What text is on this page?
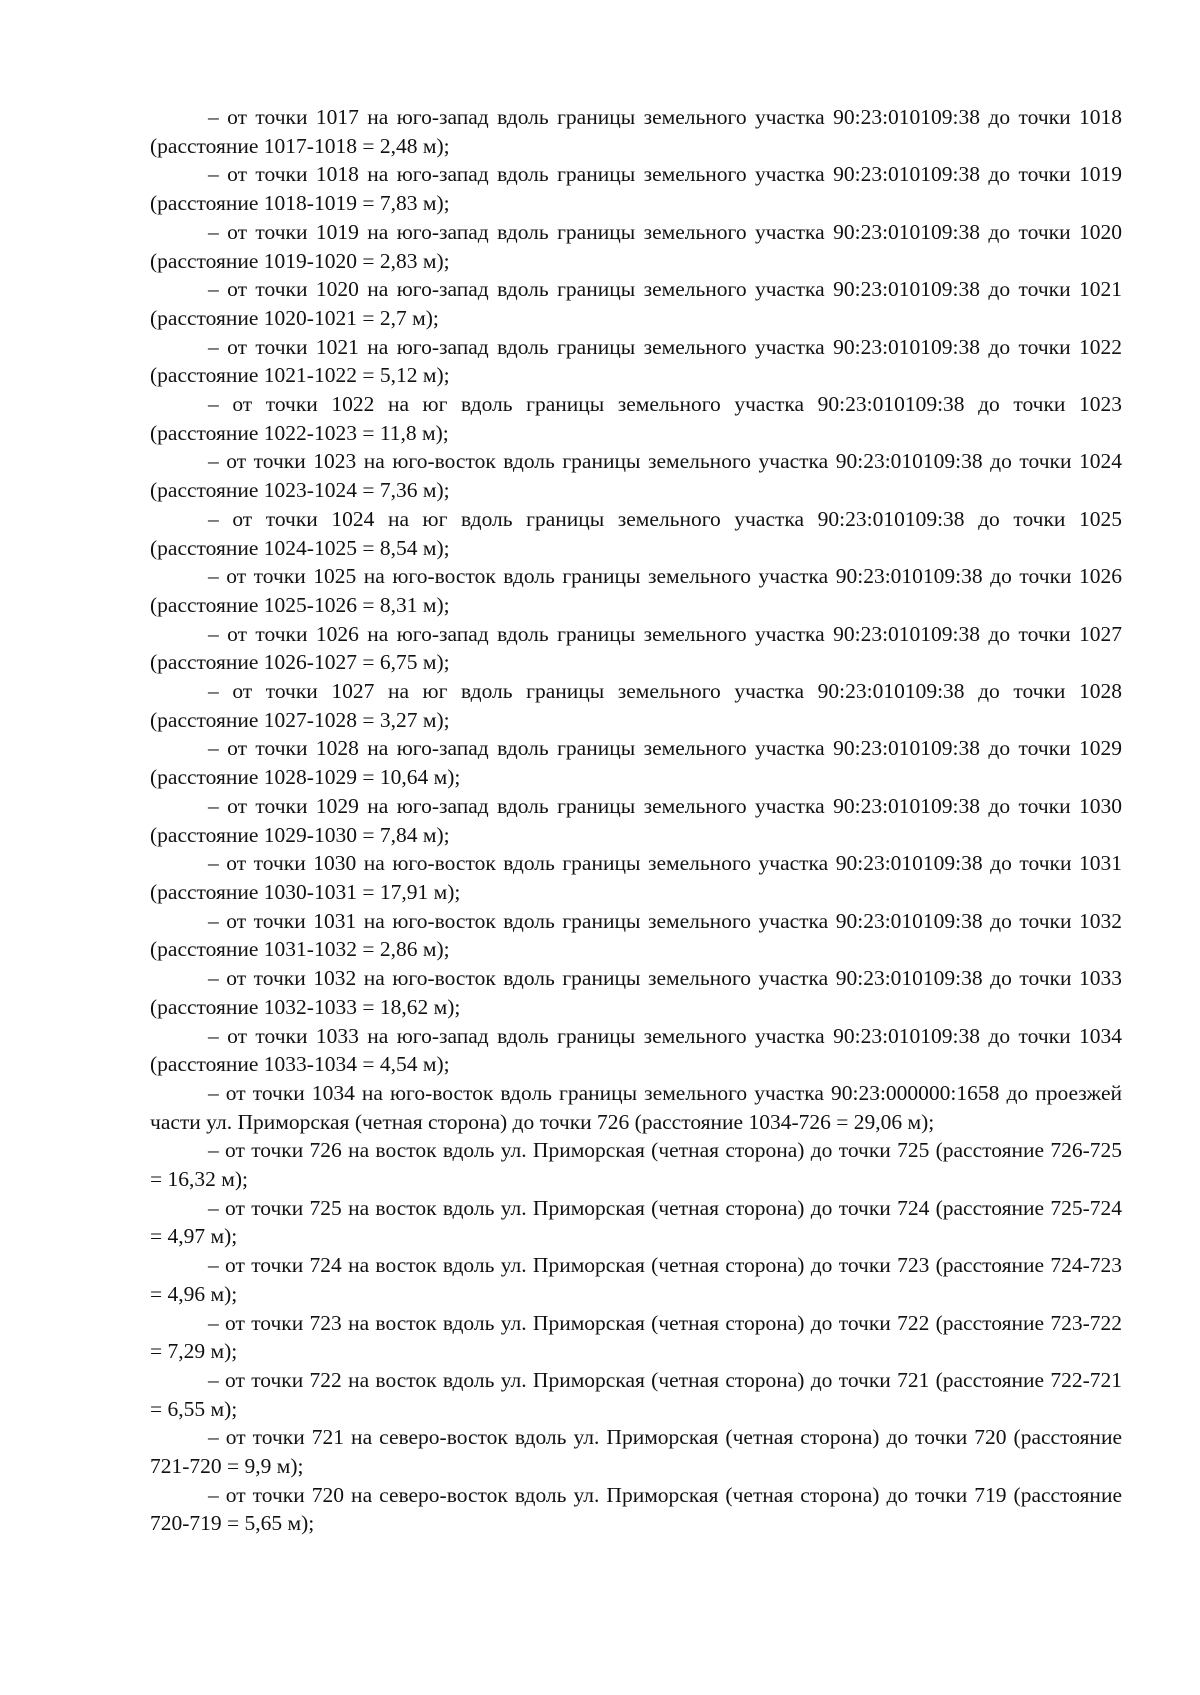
– от точки 1017 на юго-запад вдоль границы земельного участка 90:23:010109:38 до точки 1018 (расстояние 1017-1018 = 2,48 м);

– от точки 1018 на юго-запад вдоль границы земельного участка 90:23:010109:38 до точки 1019 (расстояние 1018-1019 = 7,83 м);

– от точки 1019 на юго-запад вдоль границы земельного участка 90:23:010109:38 до точки 1020 (расстояние 1019-1020 = 2,83 м);

– от точки 1020 на юго-запад вдоль границы земельного участка 90:23:010109:38 до точки 1021 (расстояние 1020-1021 = 2,7 м);

– от точки 1021 на юго-запад вдоль границы земельного участка 90:23:010109:38 до точки 1022 (расстояние 1021-1022 = 5,12 м);

– от точки 1022 на юг вдоль границы земельного участка 90:23:010109:38 до точки 1023 (расстояние 1022-1023 = 11,8 м);

– от точки 1023 на юго-восток вдоль границы земельного участка 90:23:010109:38 до точки 1024 (расстояние 1023-1024 = 7,36 м);

– от точки 1024 на юг вдоль границы земельного участка 90:23:010109:38 до точки 1025 (расстояние 1024-1025 = 8,54 м);

– от точки 1025 на юго-восток вдоль границы земельного участка 90:23:010109:38 до точки 1026 (расстояние 1025-1026 = 8,31 м);

– от точки 1026 на юго-запад вдоль границы земельного участка 90:23:010109:38 до точки 1027 (расстояние 1026-1027 = 6,75 м);

– от точки 1027 на юг вдоль границы земельного участка 90:23:010109:38 до точки 1028 (расстояние 1027-1028 = 3,27 м);

– от точки 1028 на юго-запад вдоль границы земельного участка 90:23:010109:38 до точки 1029 (расстояние 1028-1029 = 10,64 м);

– от точки 1029 на юго-запад вдоль границы земельного участка 90:23:010109:38 до точки 1030 (расстояние 1029-1030 = 7,84 м);

– от точки 1030 на юго-восток вдоль границы земельного участка 90:23:010109:38 до точки 1031 (расстояние 1030-1031 = 17,91 м);

– от точки 1031 на юго-восток вдоль границы земельного участка 90:23:010109:38 до точки 1032 (расстояние 1031-1032 = 2,86 м);

– от точки 1032 на юго-восток вдоль границы земельного участка 90:23:010109:38 до точки 1033 (расстояние 1032-1033 = 18,62 м);

– от точки 1033 на юго-запад вдоль границы земельного участка 90:23:010109:38 до точки 1034 (расстояние 1033-1034 = 4,54 м);

– от точки 1034 на юго-восток вдоль границы земельного участка 90:23:000000:1658 до проезжей части ул. Приморская (четная сторона) до точки 726 (расстояние 1034-726 = 29,06 м);

– от точки 726 на восток вдоль ул. Приморская (четная сторона) до точки 725 (расстояние 726-725 = 16,32 м);

– от точки 725 на восток вдоль ул. Приморская (четная сторона) до точки 724 (расстояние 725-724 = 4,97 м);

– от точки 724 на восток вдоль ул. Приморская (четная сторона) до точки 723 (расстояние 724-723 = 4,96 м);

– от точки 723 на восток вдоль ул. Приморская (четная сторона) до точки 722 (расстояние 723-722 = 7,29 м);

– от точки 722 на восток вдоль ул. Приморская (четная сторона) до точки 721 (расстояние 722-721 = 6,55 м);

– от точки 721 на северо-восток вдоль ул. Приморская (четная сторона) до точки 720 (расстояние 721-720 = 9,9 м);

– от точки 720 на северо-восток вдоль ул. Приморская (четная сторона) до точки 719 (расстояние 720-719 = 5,65 м);
